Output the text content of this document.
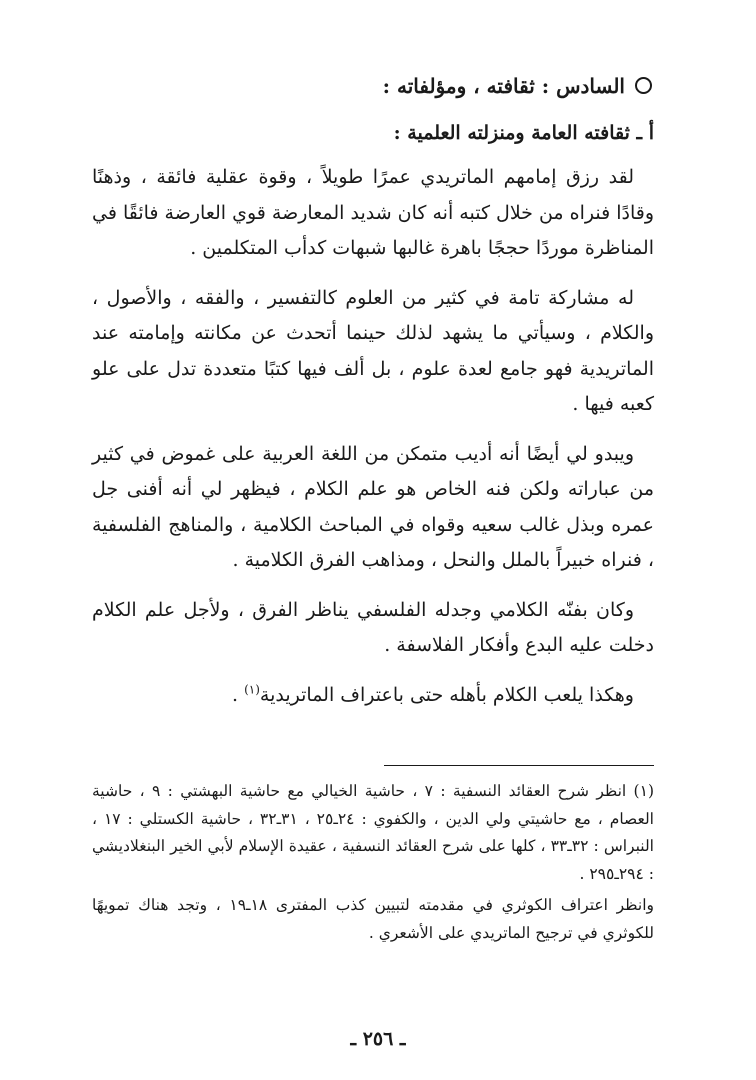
السادس : ثقافته ، ومؤلفاته :
أ ـ ثقافته العامة ومنزلته العلمية :

لقد رزق إمامهم الماتريدي عمرًا طويلاً ، وقوة عقلية فائقة ، وذهنًا وقادًا فنراه من خلال كتبه أنه كان شديد المعارضة قوي العارضة فائقًا في المناظرة موردًا حججًا باهرة غالبها شبهات كدأب المتكلمين .

له مشاركة تامة في كثير من العلوم كالتفسير ، والفقه ، والأصول ، والكلام ، وسيأتي ما يشهد لذلك حينما أتحدث عن مكانته وإمامته عند الماتريدية فهو جامع لعدة علوم ، بل ألف فيها كتبًا متعددة تدل على علو كعبه فيها .

ويبدو لي أيضًا أنه أديب متمكن من اللغة العربية على غموض في كثير من عباراته ولكن فنه الخاص هو علم الكلام ، فيظهر لي أنه أفنى جل عمره وبذل غالب سعيه وقواه في المباحث الكلامية ، والمناهج الفلسفية ، فنراه خبيراً بالملل والنحل ، ومذاهب الفرق الكلامية .

وكان بفنّه الكلامي وجدله الفلسفي يناظر الفرق ، ولأجل علم الكلام دخلت عليه البدع وأفكار الفلاسفة .

وهكذا يلعب الكلام بأهله حتى باعتراف الماتريدية$^{(١)}$ .

(١) انظر شرح العقائد النسفية : ٧ ، حاشية الخيالي مع حاشية البهشتي : ٩ ، حاشية العصام ، مع حاشيتي ولي الدين ، والكفوي : ٢٤ـ٢٥ ، ٣١ـ٣٢ ، حاشية الكستلي : ١٧ ، النبراس : ٣٢ـ٣٣ ، كلها على شرح العقائد النسفية ، عقيدة الإسلام لأبي الخير البنغلاديشي : ٢٩٤ـ٢٩٥ .

وانظر اعتراف الكوثري في مقدمته لتبيين كذب المفترى ١٨ـ١٩ ، وتجد هناك تمويهًا للكوثري في ترجيح الماتريدي على الأشعري .

ـ ٢٥٦ ـ
